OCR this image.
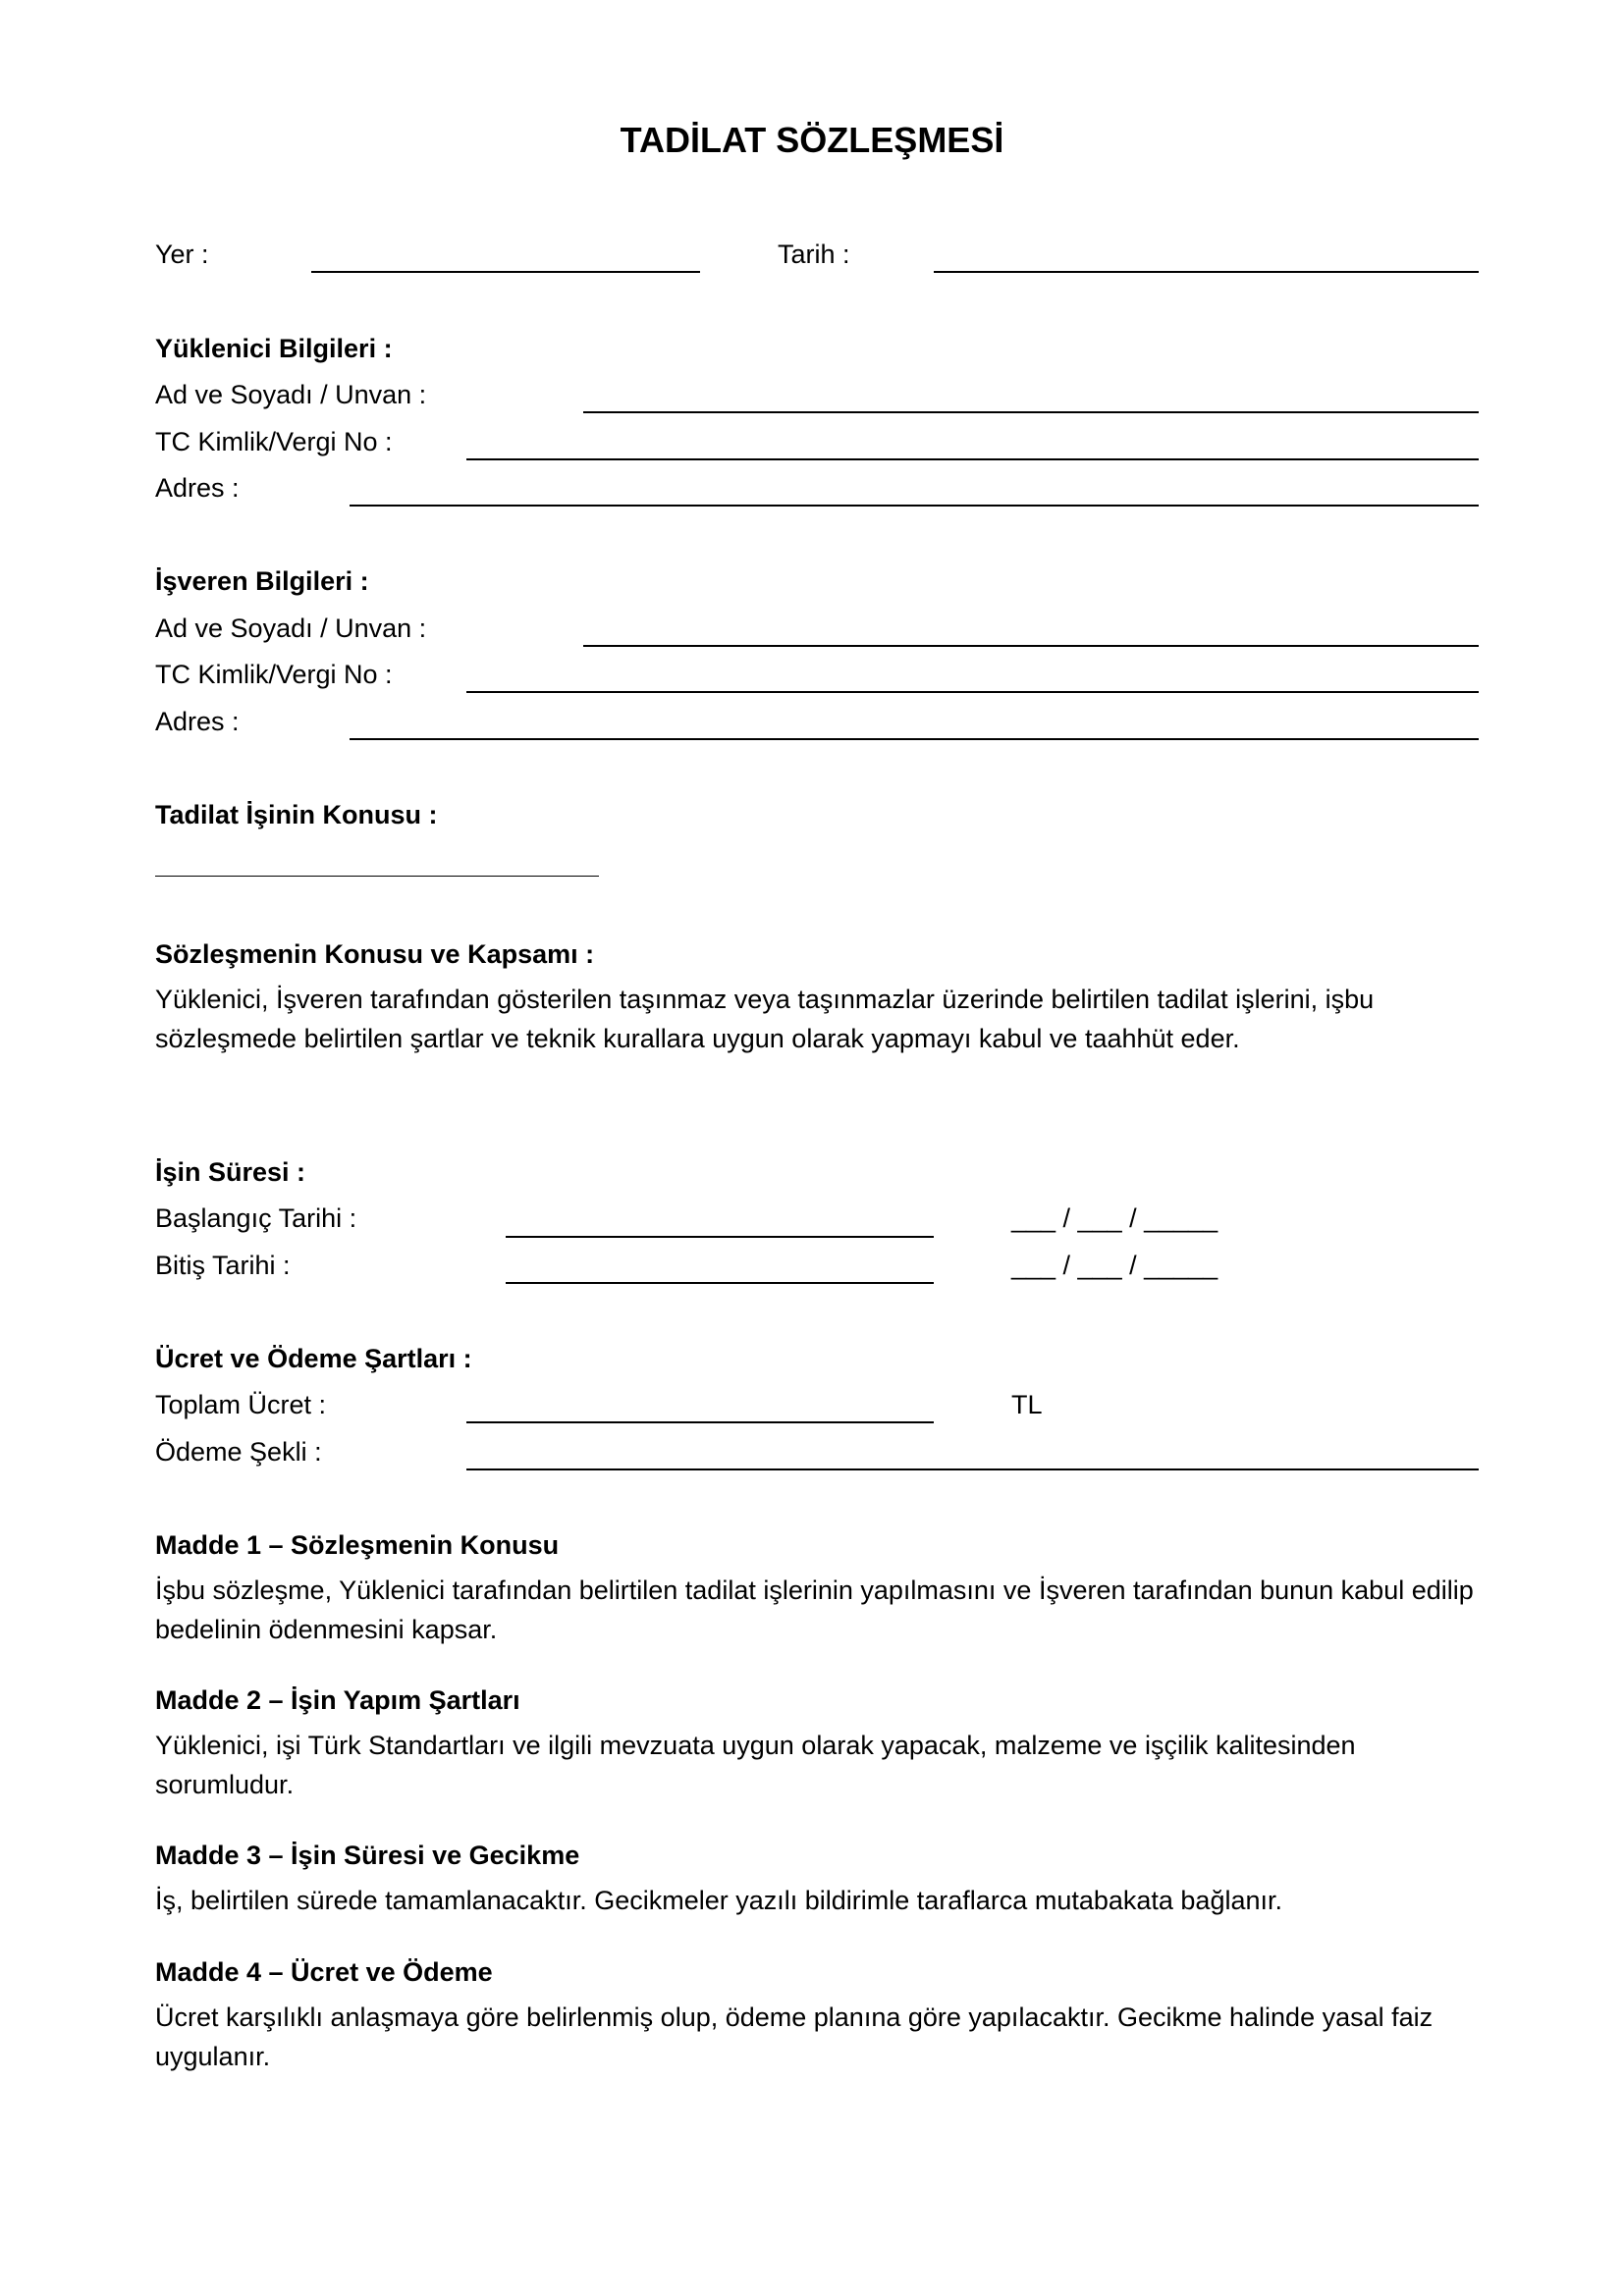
TADİLAT SÖZLEŞMESİ
Yer :	Tarih :
Yüklenici Bilgileri :
Ad ve Soyadı / Unvan :
TC Kimlik/Vergi No :
Adres :
İşveren Bilgileri :
Ad ve Soyadı / Unvan :
TC Kimlik/Vergi No :
Adres :
Tadilat İşinin Konusu :
Sözleşmenin Konusu ve Kapsamı :
Yüklenici, İşveren tarafından gösterilen taşınmaz veya taşınmazlar üzerinde belirtilen tadilat işlerini, işbu sözleşmede belirtilen şartlar ve teknik kurallara uygun olarak yapmayı kabul ve taahhüt eder.
İşin Süresi :
Başlangıç Tarihi :	___ / ___ / _____
Bitiş Tarihi :	___ / ___ / _____
Ücret ve Ödeme Şartları :
Toplam Ücret :	TL
Ödeme Şekli :
Madde 1 – Sözleşmenin Konusu
İşbu sözleşme, Yüklenici tarafından belirtilen tadilat işlerinin yapılmasını ve İşveren tarafından bunun kabul edilip bedelinin ödenmesini kapsar.
Madde 2 – İşin Yapım Şartları
Yüklenici, işi Türk Standartları ve ilgili mevzuata uygun olarak yapacak, malzeme ve işçilik kalitesinden sorumludur.
Madde 3 – İşin Süresi ve Gecikme
İş, belirtilen sürede tamamlanacaktır. Gecikmeler yazılı bildirimle taraflarca mutabakata bağlanır.
Madde 4 – Ücret ve Ödeme
Ücret karşılıklı anlaşmaya göre belirlenmiş olup, ödeme planına göre yapılacaktır. Gecikme halinde yasal faiz uygulanır.
